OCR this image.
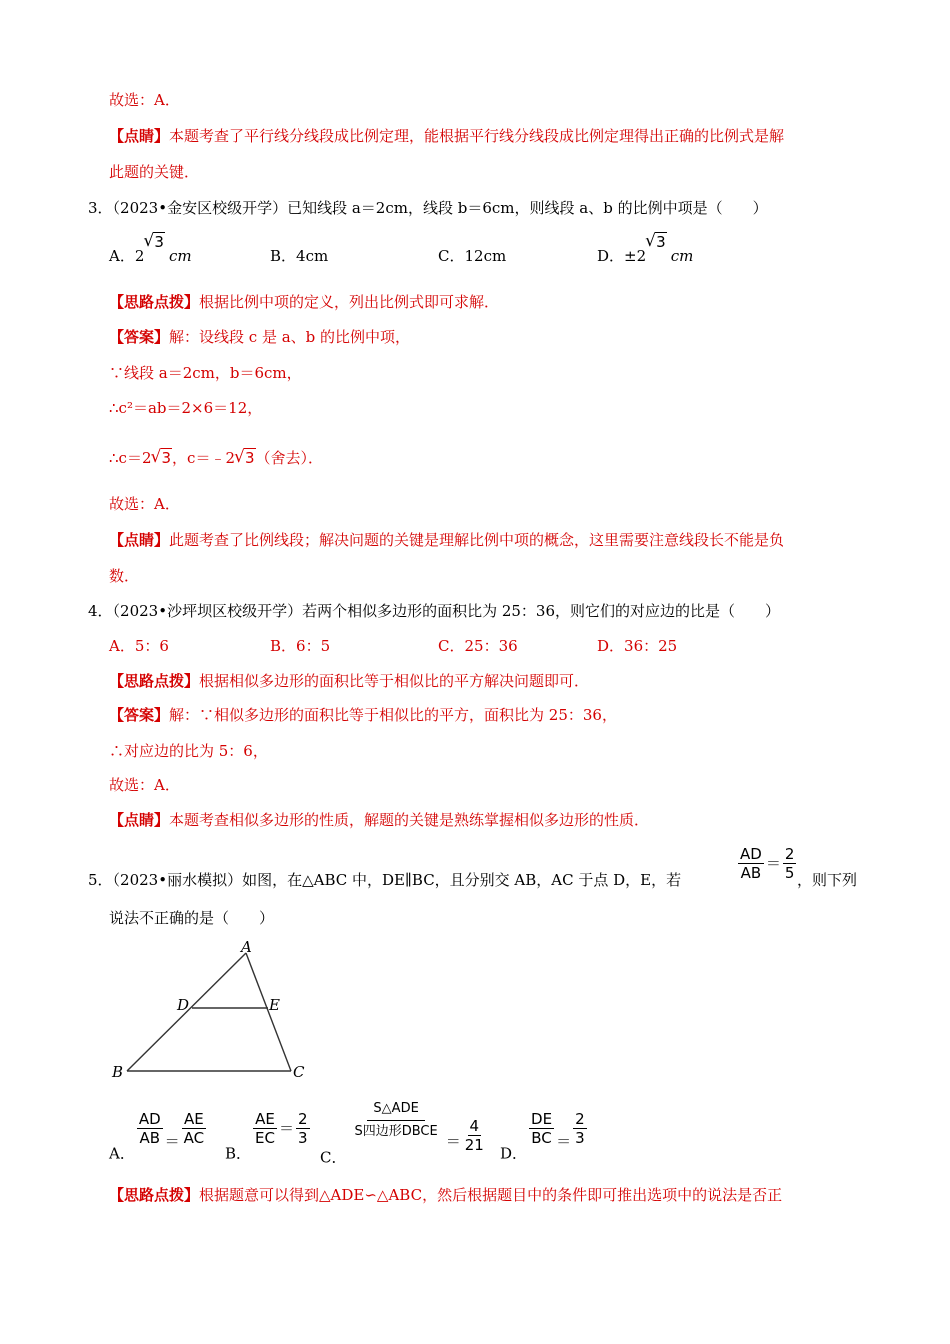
故选：A．
【点睛】本题考查了平行线分线段成比例定理，能根据平行线分线段成比例定理得出正确的比例式是解
此题的关键．
3．（2023•金安区校级开学）已知线段 a＝2cm，线段 b＝6cm，则线段 a、b 的比例中项是（　　）
A．2√ 3cm	B．4cm	C．12cm	D．±2√ 3cm
【思路点拨】根据比例中项的定义，列出比例式即可求解．
【答案】解：设线段 c 是 a、b 的比例中项，
∵线段 a＝2cm，b＝6cm，
∴c²＝ab＝2×6＝12，
∴c＝2 √ 3，c＝﹣2 √ 3（舍去）．
故选：A．
【点睛】此题考查了比例线段；解决问题的关键是理解比例中项的概念，这里需要注意线段长不能是负
数．
4．（2023•沙坪坝区校级开学）若两个相似多边形的面积比为 25：36，则它们的对应边的比是（　　）
A．5：6	B．6：5	C．25：36	D．36：25
【思路点拨】根据相似多边形的面积比等于相似比的平方解决问题即可．
【答案】解：∵相似多边形的面积比等于相似比的平方，面积比为 25：36，
∴对应边的比为 5：6，
故选：A．
【点睛】本题考查相似多边形的性质，解题的关键是熟练掌握相似多边形的性质．
5．（2023•丽水模拟）如图，在△ABC 中，DE∥BC，且分别交 AB，AC 于点 D，E，若	$\frac{AD}{AB} = \frac{2}{5}$ ，则下列
说法不正确的是（　　）
A
B	C
D	E
A．
$\frac{AD}{AB} = \frac{AE}{AC}$
B．
$\frac{AE}{EC} = \frac{2}{3}$
C．
$\frac{\text{S△ADE}}{\text{S四边形DBCE}} = \frac{4}{21}$ D．
$\frac{DE}{BC} = \frac{2}{3}$
【思路点拨】根据题意可以得到△ADE∽△ABC，然后根据题目中的条件即可推出选项中的说法是否正
